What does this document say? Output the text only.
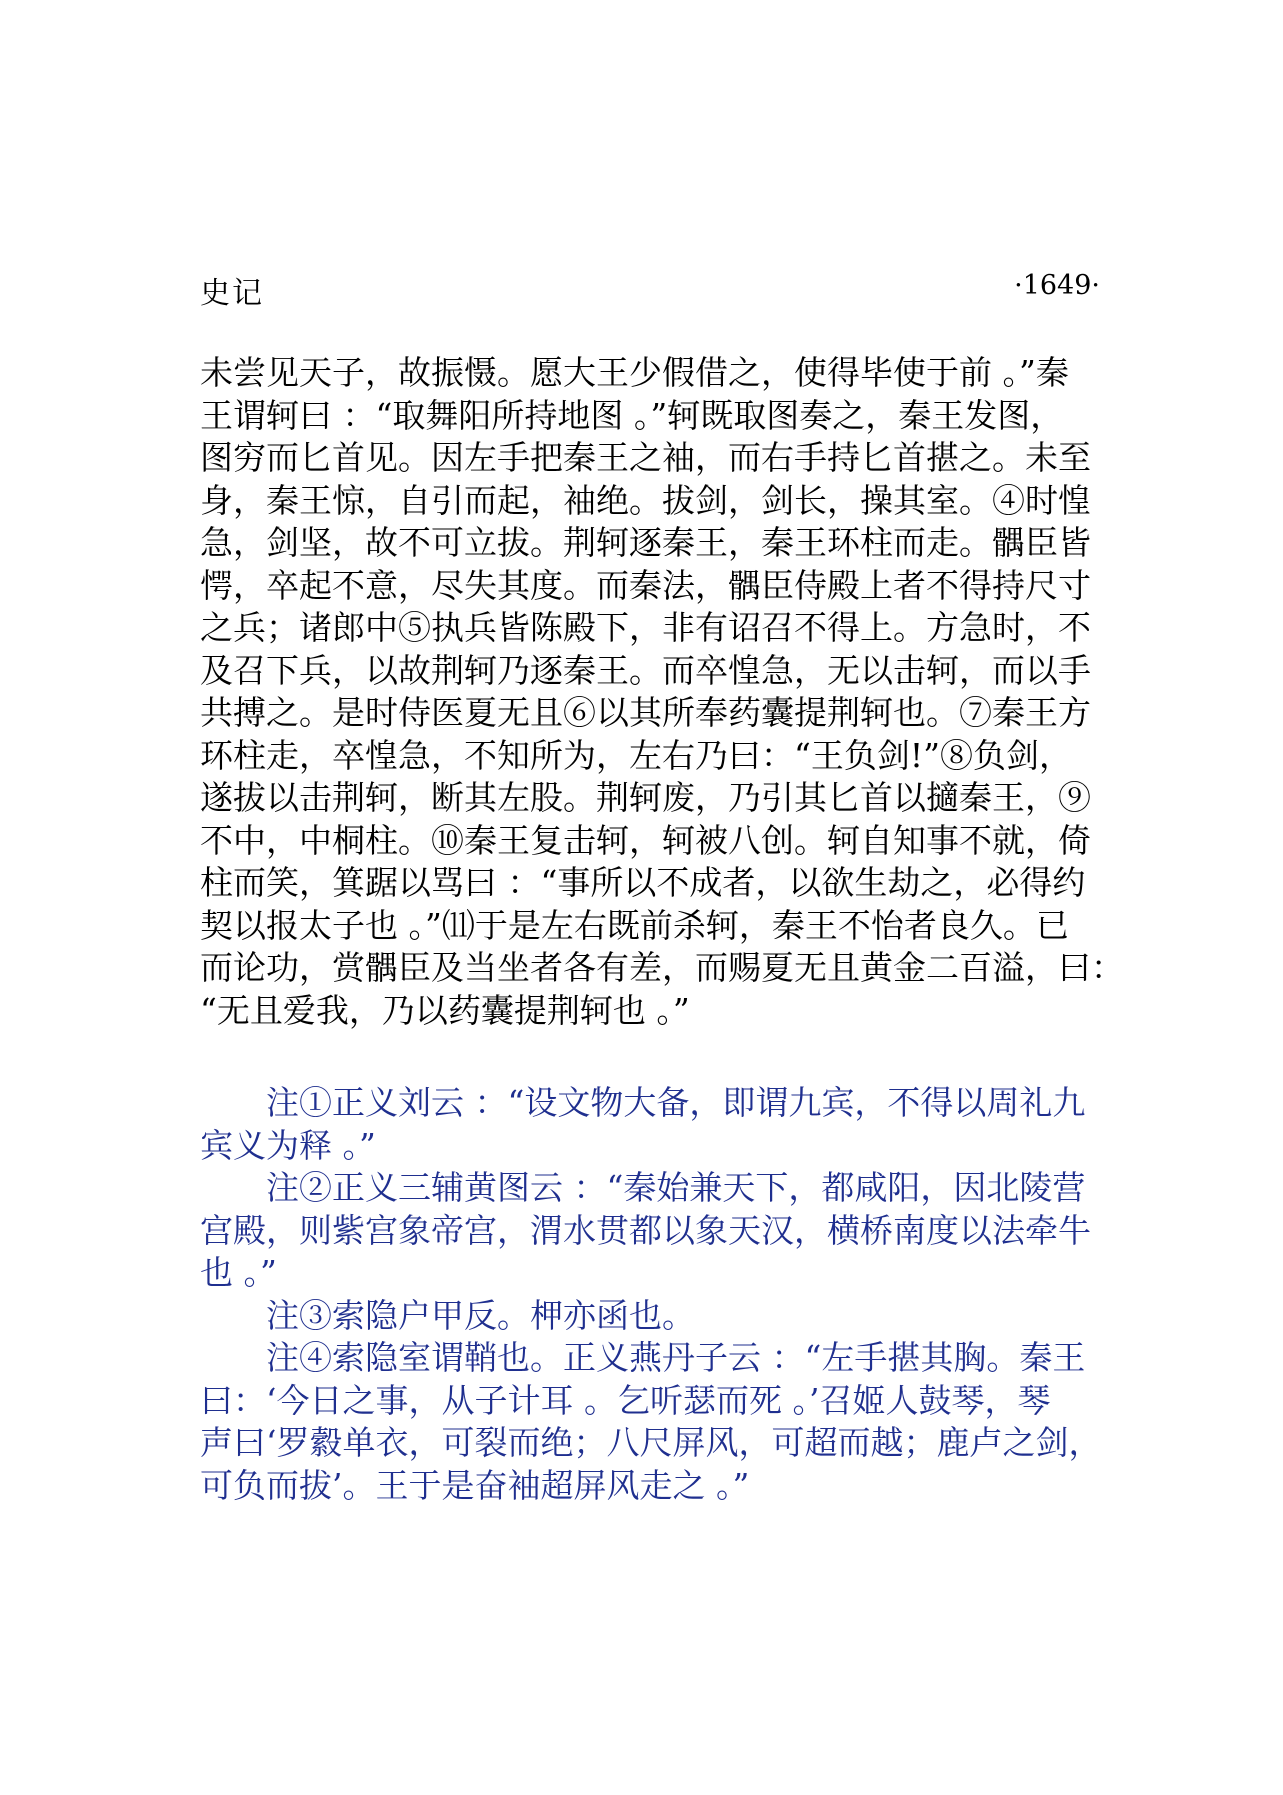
史记	·1649·
未尝见天子，故振慑。愿大王少假借之，使得毕使于前 。”秦
王谓轲曰 ：“取舞阳所持地图 。”轲既取图奏之，秦王发图，
图穷而匕首见。因左手把秦王之袖，而右手持匕首揕之。未至
身，秦王惊，自引而起，袖绝。拔剑，剑长，操其室。④时惶
急，剑坚，故不可立拔。荆轲逐秦王，秦王环柱而走。髃臣皆
愕，卒起不意，尽失其度。而秦法，髃臣侍殿上者不得持尺寸
之兵；诸郎中⑤执兵皆陈殿下，非有诏召不得上。方急时，不
及召下兵，以故荆轲乃逐秦王。而卒惶急，无以击轲，而以手
共搏之。是时侍医夏无且⑥以其所奉药囊提荆轲也。⑦秦王方
环柱走，卒惶急，不知所为，左右乃曰：“王负剑!”⑧负剑，
遂拔以击荆轲，断其左股。荆轲废，乃引其匕首以擿秦王，⑨
不中，中桐柱。⑩秦王复击轲，轲被八创。轲自知事不就，倚
柱而笑，箕踞以骂曰 ：“事所以不成者，以欲生劫之，必得约
契以报太子也 。”⑾于是左右既前杀轲，秦王不怡者良久。已
而论功，赏髃臣及当坐者各有差，而赐夏无且黄金二百溢，曰：
“无且爱我，乃以药囊提荆轲也 。”
注①正义刘云 ：“设文物大备，即谓九宾，不得以周礼九
宾义为释 。”
注②正义三辅黄图云 ：“秦始兼天下，都咸阳，因北陵营
宫殿，则紫宫象帝宫，渭水贯都以象天汉，横桥南度以法牵牛
也 。”
注③索隐户甲反。柙亦函也。
注④索隐室谓鞘也。正义燕丹子云 ：“左手揕其胸。秦王
曰：‘今日之事，从子计耳 。乞听瑟而死 。’召姬人鼓琴，琴
声曰‘罗縠单衣，可裂而绝；八尺屏风，可超而越；鹿卢之剑，
可负而拔’。王于是奋袖超屏风走之 。”
